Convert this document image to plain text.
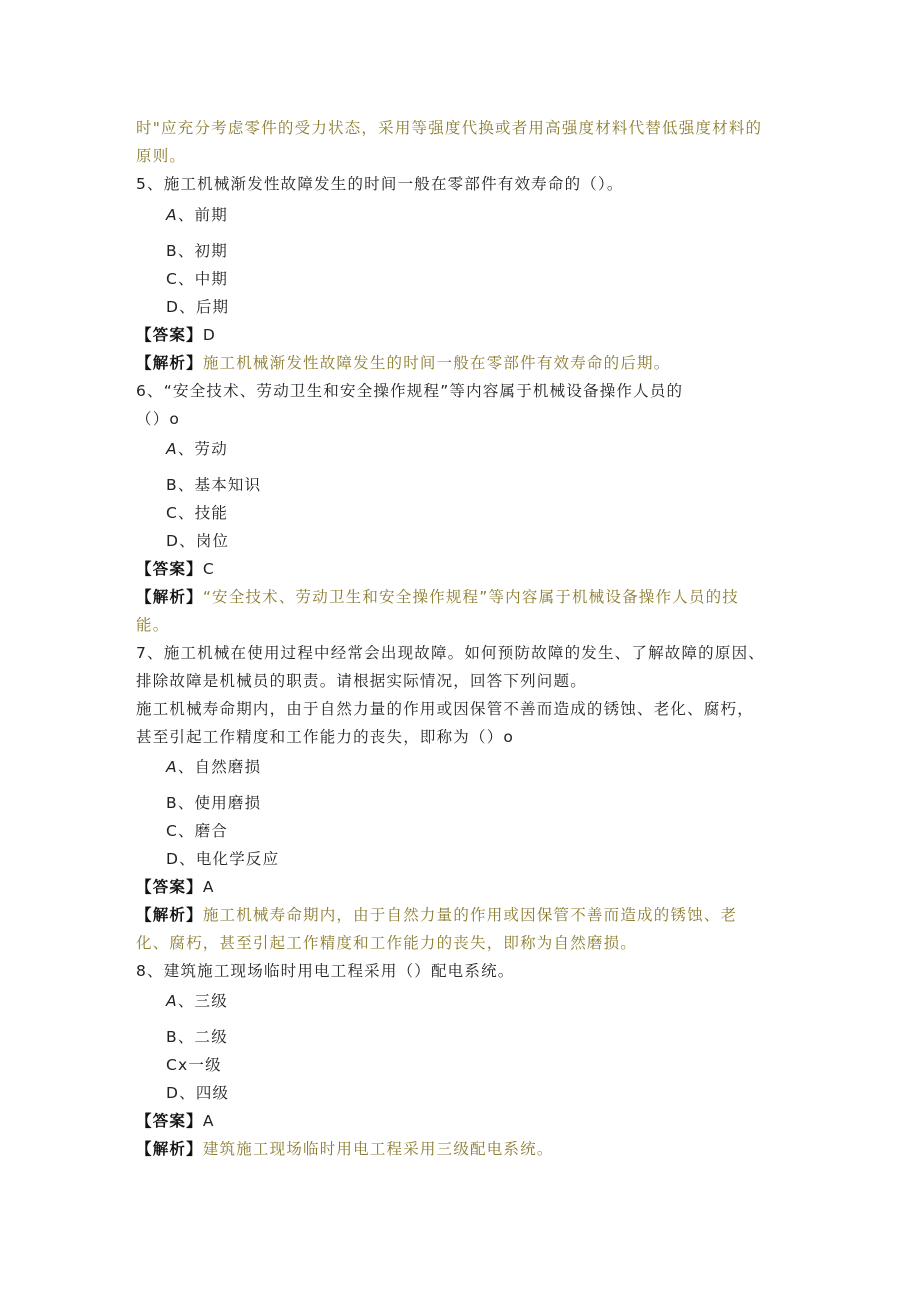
时"应充分考虑零件的受力状态，采用等强度代换或者用高强度材料代替低强度材料的
原则。
5、施工机械渐发性故障发生的时间一般在零部件有效寿命的（）。
A、前期
B、初期
C、中期
D、后期
【答案】D
【解析】施工机械渐发性故障发生的时间一般在零部件有效寿命的后期。
6、“安全技术、劳动卫生和安全操作规程”等内容属于机械设备操作人员的
（）o
A、劳动
B、基本知识
C、技能
D、岗位
【答案】C
【解析】“安全技术、劳动卫生和安全操作规程”等内容属于机械设备操作人员的技
能。
7、施工机械在使用过程中经常会出现故障。如何预防故障的发生、了解故障的原因、
排除故障是机械员的职责。请根据实际情况，回答下列问题。
施工机械寿命期内，由于自然力量的作用或因保管不善而造成的锈蚀、老化、腐朽，
甚至引起工作精度和工作能力的丧失，即称为（）o
A、自然磨损
B、使用磨损
C、磨合
D、电化学反应
【答案】A
【解析】施工机械寿命期内，由于自然力量的作用或因保管不善而造成的锈蚀、老
化、腐朽，甚至引起工作精度和工作能力的丧失，即称为自然磨损。
8、建筑施工现场临时用电工程采用（）配电系统。
A、三级
B、二级
Cx一级
D、四级
【答案】A
【解析】建筑施工现场临时用电工程采用三级配电系统。
